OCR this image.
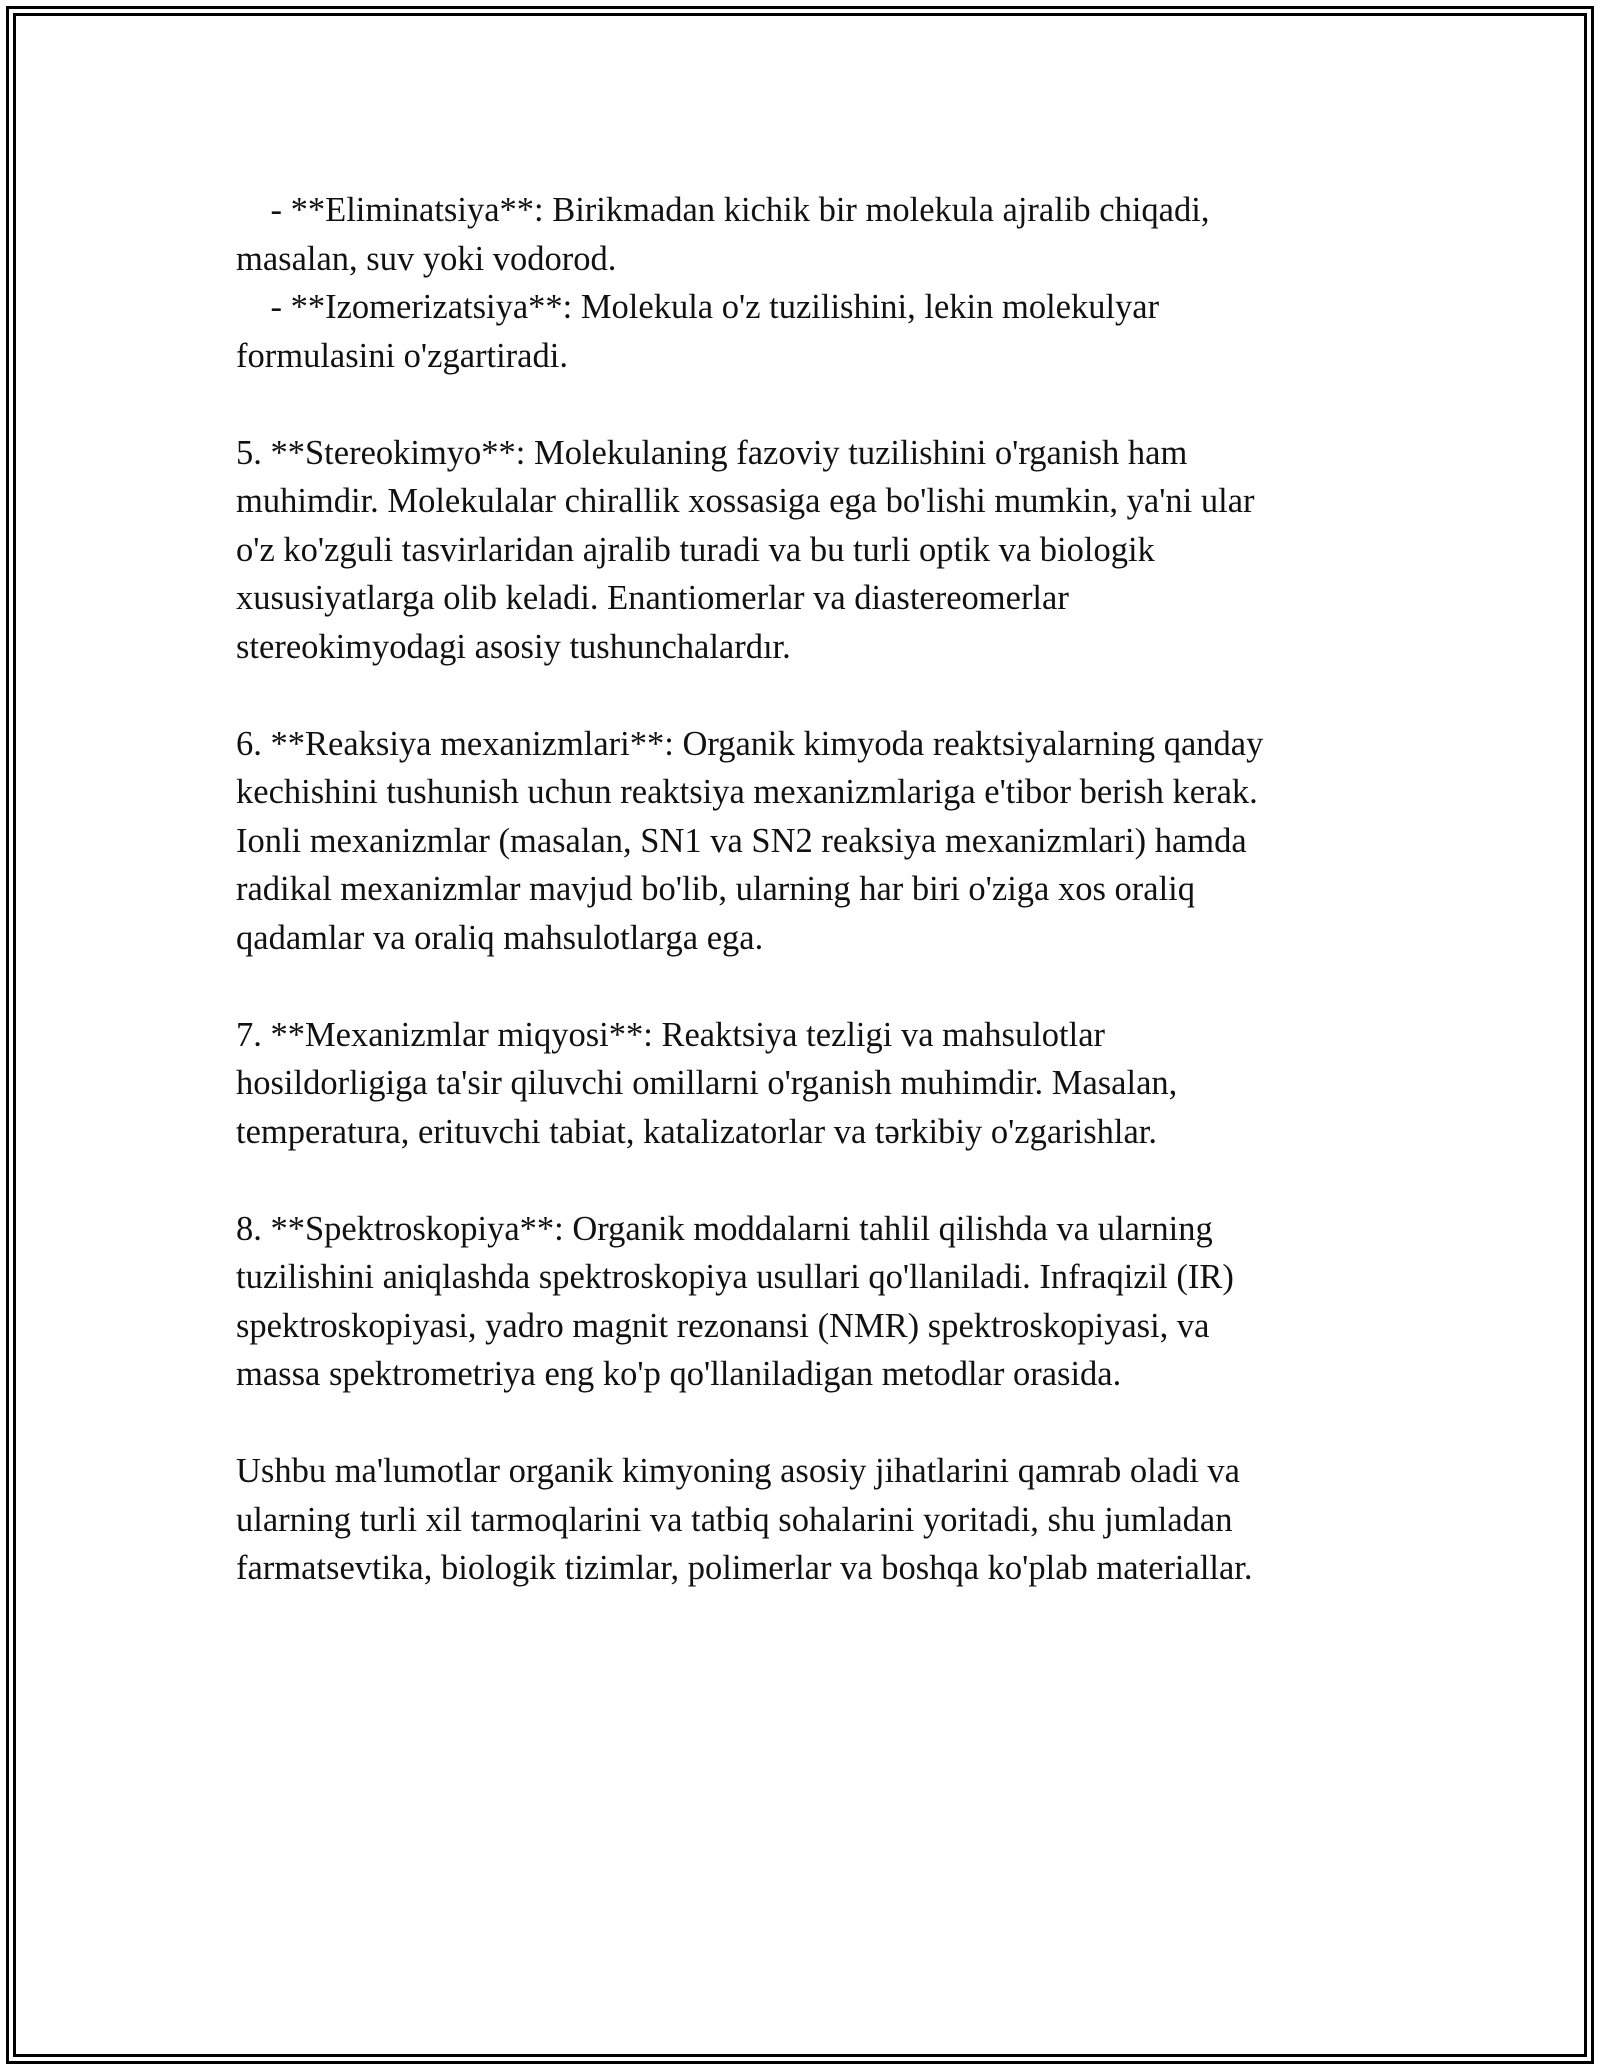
- **Eliminatsiya**: Birikmadan kichik bir molekula ajralib chiqadi,
masalan, suv yoki vodorod.
- **Izomerizatsiya**: Molekula o'z tuzilishini, lekin molekulyar
formulasini o'zgartiradi.
5. **Stereokimyo**: Molekulaning fazoviy tuzilishini o'rganish ham
muhimdir. Molekulalar chirallik xossasiga ega bo'lishi mumkin, ya'ni ular
o'z ko'zguli tasvirlaridan ajralib turadi va bu turli optik va biologik
xususiyatlarga olib keladi. Enantiomerlar va diastereomerlar
stereokimyodagi asosiy tushunchalardır.
6. **Reaksiya mexanizmlari**: Organik kimyoda reaktsiyalarning qanday
kechishini tushunish uchun reaktsiya mexanizmlariga e'tibor berish kerak.
Ionli mexanizmlar (masalan, SN1 va SN2 reaksiya mexanizmlari) hamda
radikal mexanizmlar mavjud bo'lib, ularning har biri o'ziga xos oraliq
qadamlar va oraliq mahsulotlarga ega.
7. **Mexanizmlar miqyosi**: Reaktsiya tezligi va mahsulotlar
hosildorligiga ta'sir qiluvchi omillarni o'rganish muhimdir. Masalan,
temperatura, erituvchi tabiat, katalizatorlar va tərkibiy o'zgarishlar.
8. **Spektroskopiya**: Organik moddalarni tahlil qilishda va ularning
tuzilishini aniqlashda spektroskopiya usullari qo'llaniladi. Infraqizil (IR)
spektroskopiyasi, yadro magnit rezonansi (NMR) spektroskopiyasi, va
massa spektrometriya eng ko'p qo'llaniladigan metodlar orasida.
Ushbu ma'lumotlar organik kimyoning asosiy jihatlarini qamrab oladi va
ularning turli xil tarmoqlarini va tatbiq sohalarini yoritadi, shu jumladan
farmatsevtika, biologik tizimlar, polimerlar va boshqa ko'plab materiallar.
